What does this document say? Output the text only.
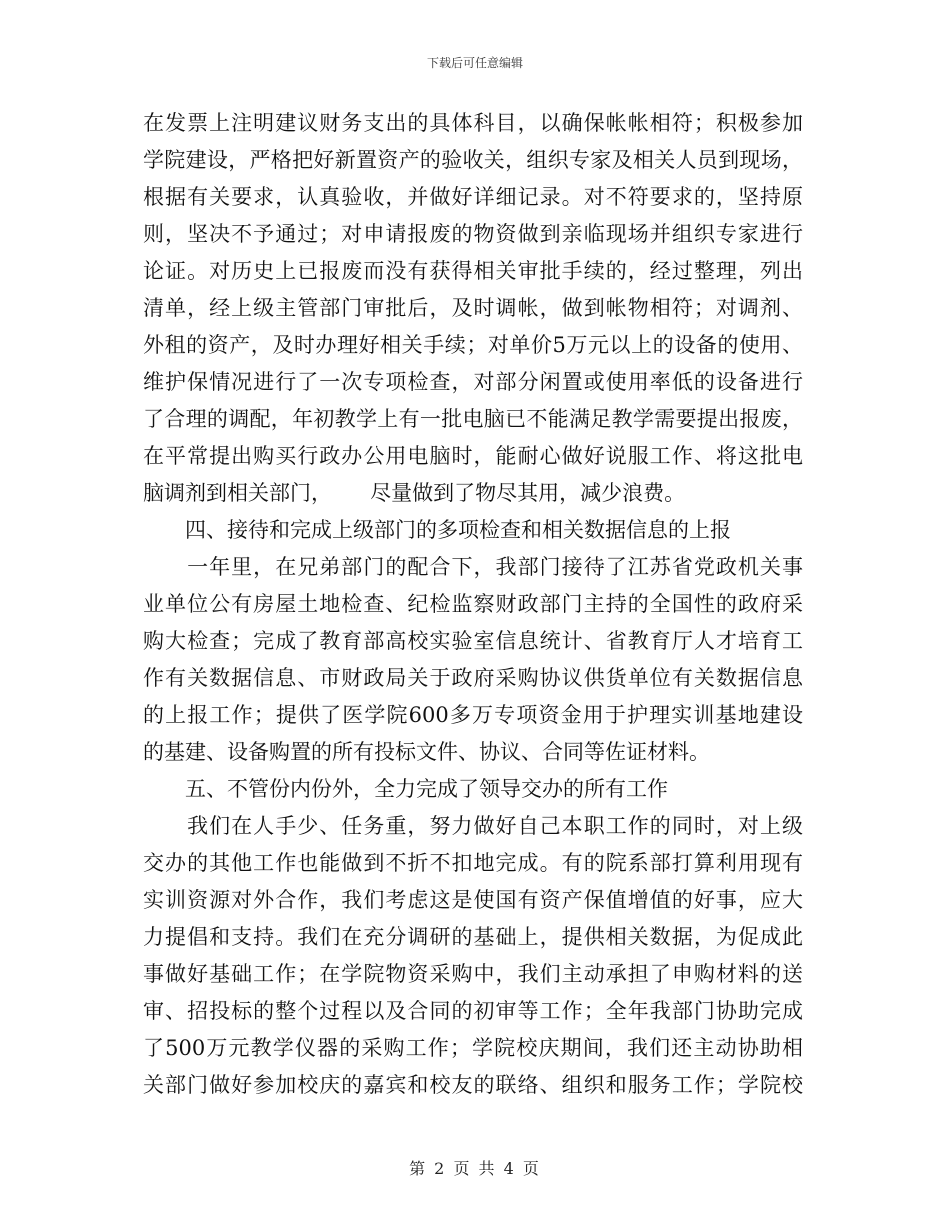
下载后可任意编辑
在发票上注明建议财务支出的具体科目，以确保帐帐相符；积极参加
学院建设，严格把好新置资产的验收关，组织专家及相关人员到现场，
根据有关要求，认真验收，并做好详细记录。对不符要求的，坚持原
则，坚决不予通过；对申请报废的物资做到亲临现场并组织专家进行
论证。对历史上已报废而没有获得相关审批手续的，经过整理，列出
清单，经上级主管部门审批后，及时调帐，做到帐物相符；对调剂、
外租的资产，及时办理好相关手续；对单价5万元以上的设备的使用、
维护保情况进行了一次专项检查，对部分闲置或使用率低的设备进行
了合理的调配，年初教学上有一批电脑已不能满足教学需要提出报废，
在平常提出购买行政办公用电脑时，能耐心做好说服工作、将这批电
脑调剂到相关部门，　　 尽量做到了物尽其用，减少浪费。
　　四、接待和完成上级部门的多项检查和相关数据信息的上报
　　一年里，在兄弟部门的配合下，我部门接待了江苏省党政机关事
业单位公有房屋土地检查、纪检监察财政部门主持的全国性的政府采
购大检查；完成了教育部高校实验室信息统计、省教育厅人才培育工
作有关数据信息、市财政局关于政府采购协议供货单位有关数据信息
的上报工作；提供了医学院600多万专项资金用于护理实训基地建设
的基建、设备购置的所有投标文件、协议、合同等佐证材料。
　　五、不管份内份外，全力完成了领导交办的所有工作
　　我们在人手少、任务重，努力做好自己本职工作的同时，对上级
交办的其他工作也能做到不折不扣地完成。有的院系部打算利用现有
实训资源对外合作，我们考虑这是使国有资产保值增值的好事，应大
力提倡和支持。我们在充分调研的基础上，提供相关数据，为促成此
事做好基础工作；在学院物资采购中，我们主动承担了申购材料的送
审、招投标的整个过程以及合同的初审等工作；全年我部门协助完成
了500万元教学仪器的采购工作；学院校庆期间，我们还主动协助相
关部门做好参加校庆的嘉宾和校友的联络、组织和服务工作；学院校
第 2 页 共 4 页
